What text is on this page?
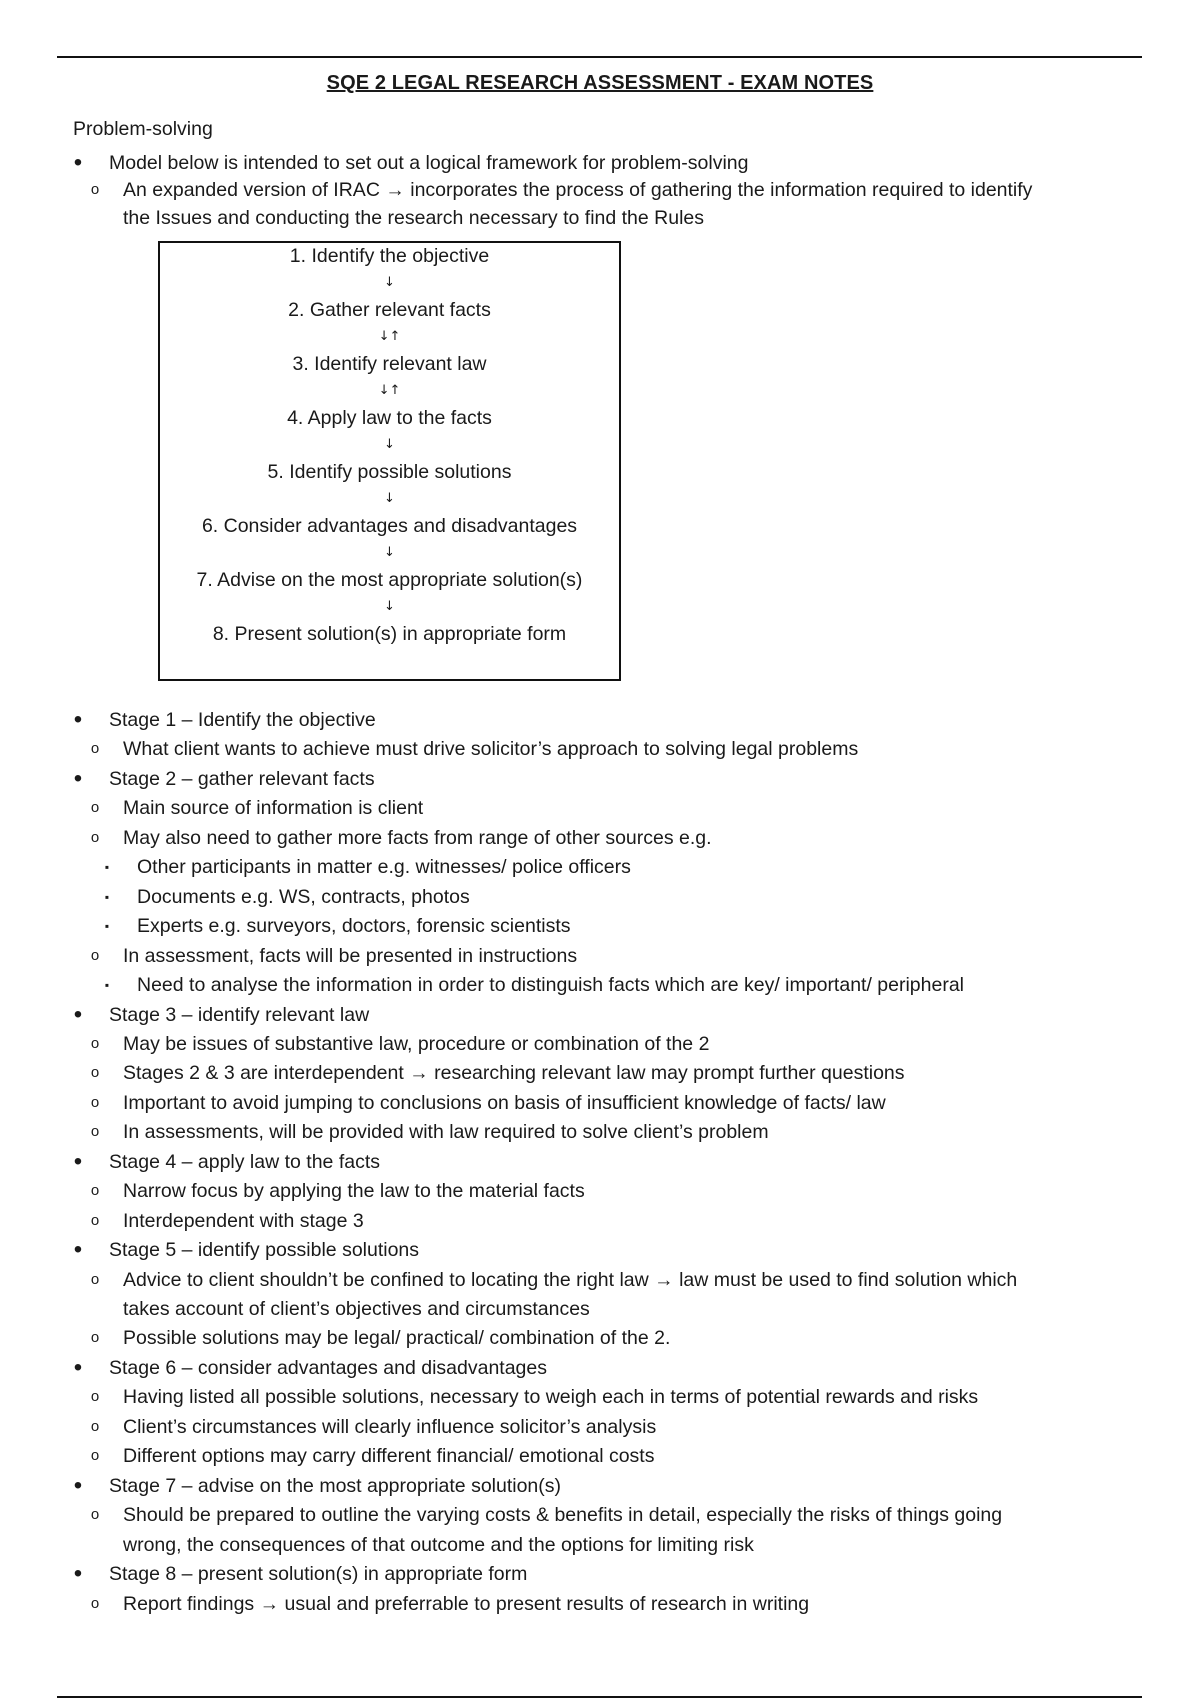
SQE 2 LEGAL RESEARCH ASSESSMENT - EXAM NOTES
Problem-solving
• Model below is intended to set out a logical framework for problem-solving
o An expanded version of IRAC → incorporates the process of gathering the information required to identify
the Issues and conducting the research necessary to find the Rules
1. Identify the objective
↓
2. Gather relevant facts
↓↑
3. Identify relevant law
↓↑
4. Apply law to the facts
↓
5. Identify possible solutions
↓
6. Consider advantages and disadvantages
↓
7. Advise on the most appropriate solution(s)
↓
8. Present solution(s) in appropriate form
• Stage 1 – Identify the objective
o What client wants to achieve must drive solicitor’s approach to solving legal problems
• Stage 2 – gather relevant facts
o Main source of information is client
o May also need to gather more facts from range of other sources e.g.
▪	Other participants in matter e.g. witnesses/ police officers
▪	Documents e.g. WS, contracts, photos
▪	Experts e.g. surveyors, doctors, forensic scientists
o In assessment, facts will be presented in instructions
▪	Need to analyse the information in order to distinguish facts which are key/ important/ peripheral
• Stage 3 – identify relevant law
o May be issues of substantive law, procedure or combination of the 2
o Stages 2 & 3 are interdependent → researching relevant law may prompt further questions
o Important to avoid jumping to conclusions on basis of insufficient knowledge of facts/ law
o In assessments, will be provided with law required to solve client’s problem
• Stage 4 – apply law to the facts
o Narrow focus by applying the law to the material facts
o Interdependent with stage 3
• Stage 5 – identify possible solutions
o Advice to client shouldn’t be confined to locating the right law → law must be used to find solution which
takes account of client’s objectives and circumstances
o Possible solutions may be legal/ practical/ combination of the 2.
• Stage 6 – consider advantages and disadvantages
o Having listed all possible solutions, necessary to weigh each in terms of potential rewards and risks
o Client’s circumstances will clearly influence solicitor’s analysis
o Different options may carry different financial/ emotional costs
• Stage 7 – advise on the most appropriate solution(s)
o Should be prepared to outline the varying costs & benefits in detail, especially the risks of things going
wrong, the consequences of that outcome and the options for limiting risk
• Stage 8 – present solution(s) in appropriate form
o Report findings → usual and preferrable to present results of research in writing
